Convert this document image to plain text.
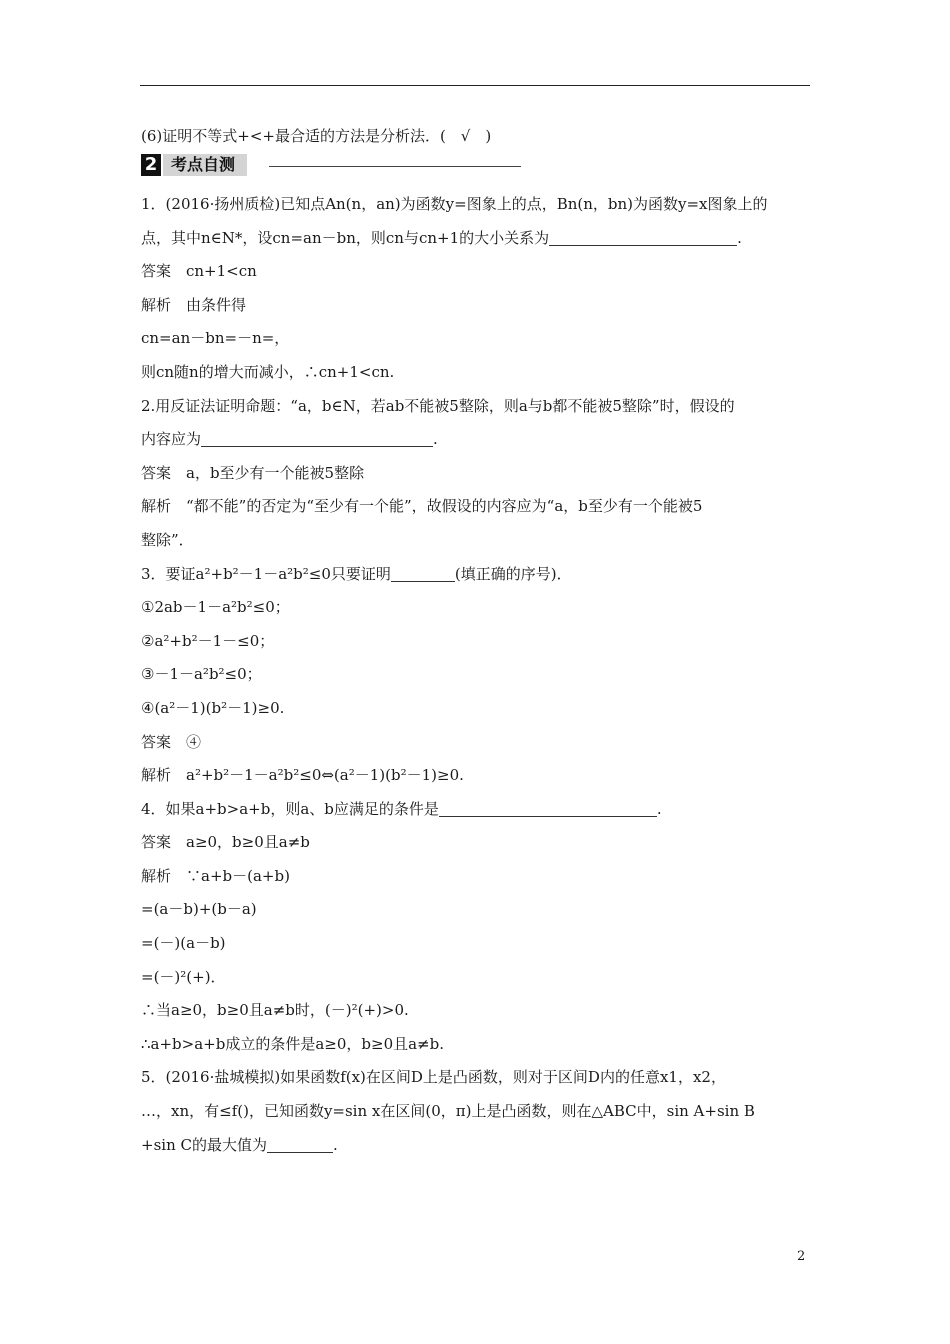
(6)证明不等式+<+最合适的方法是分析法．(　√　)
2 考点自测
1．(2016·扬州质检)已知点An(n，an)为函数y=图象上的点，Bn(n，bn)为函数y=x图象上的
点，其中n∈N*，设cn=an－bn，则cn与cn+1的大小关系为	.
答案　cn+1<cn
解析　由条件得
cn=an－bn=－n=，
则cn随n的增大而减小，∴cn+1<cn.
2.用反证法证明命题：“a，b∈N，若ab不能被5整除，则a与b都不能被5整除”时，假设的
内容应为	.
答案　a，b至少有一个能被5整除
解析　“都不能”的否定为“至少有一个能”，故假设的内容应为“a，b至少有一个能被5
整除”．
3．要证a²+b²－1－a²b²≤0只要证明	(填正确的序号)．
①2ab－1－a²b²≤0；
②a²+b²－1－≤0；
③－1－a²b²≤0；
④(a²－1)(b²－1)≥0.
答案　④
解析　a²+b²－1－a²b²≤0⇔(a²－1)(b²－1)≥0.
4．如果a+b>a+b，则a、b应满足的条件是	.
答案　a≥0，b≥0且a≠b
解析　∵a+b－(a+b)
=(a－b)+(b－a)
=(－)(a－b)
=(－)²(+)．
∴当a≥0，b≥0且a≠b时，(－)²(+)>0.
∴a+b>a+b成立的条件是a≥0，b≥0且a≠b.
5．(2016·盐城模拟)如果函数f(x)在区间D上是凸函数，则对于区间D内的任意x1，x2，
…，xn，有≤f()，已知函数y=sin x在区间(0，π)上是凸函数，则在△ABC中，sin A+sin B
+sin C的最大值为	.
2
